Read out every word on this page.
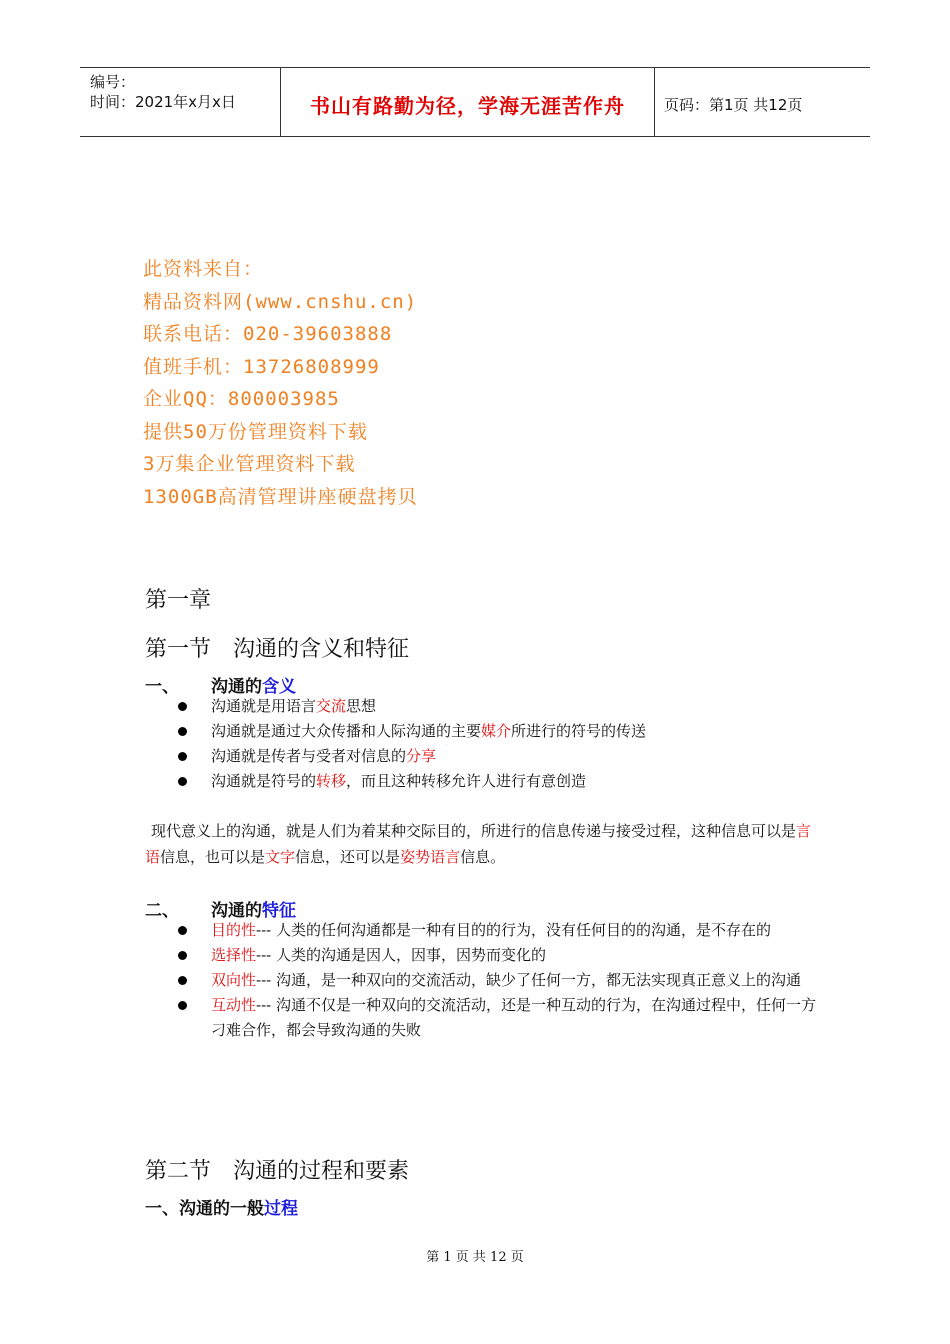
编号：
时间：2021年x月x日	书山有路勤为径，学海无涯苦作舟	页码：第1页 共12页
此资料来自：
精品资料网(www.cnshu.cn)
联系电话：020-39603888
值班手机：13726808999
企业QQ：800003985
提供50万份管理资料下载
3万集企业管理资料下载
1300GB高清管理讲座硬盘拷贝
第一章
第一节 沟通的含义和特征
一、 沟通的含义
沟通就是用语言交流思想
沟通就是通过大众传播和人际沟通的主要媒介所进行的符号的传送
沟通就是传者与受者对信息的分享
沟通就是符号的转移，而且这种转移允许人进行有意创造
现代意义上的沟通，就是人们为着某种交际目的，所进行的信息传递与接受过程，这种信息可以是言语信息，也可以是文字信息，还可以是姿势语言信息。
二、 沟通的特征
目的性--- 人类的任何沟通都是一种有目的的行为，没有任何目的的沟通，是不存在的
选择性--- 人类的沟通是因人，因事，因势而变化的
双向性--- 沟通，是一种双向的交流活动，缺少了任何一方，都无法实现真正意义上的沟通
互动性--- 沟通不仅是一种双向的交流活动，还是一种互动的行为，在沟通过程中，任何一方刁难合作，都会导致沟通的失败
第二节 沟通的过程和要素
一、沟通的一般过程
第 1 页 共 12 页
